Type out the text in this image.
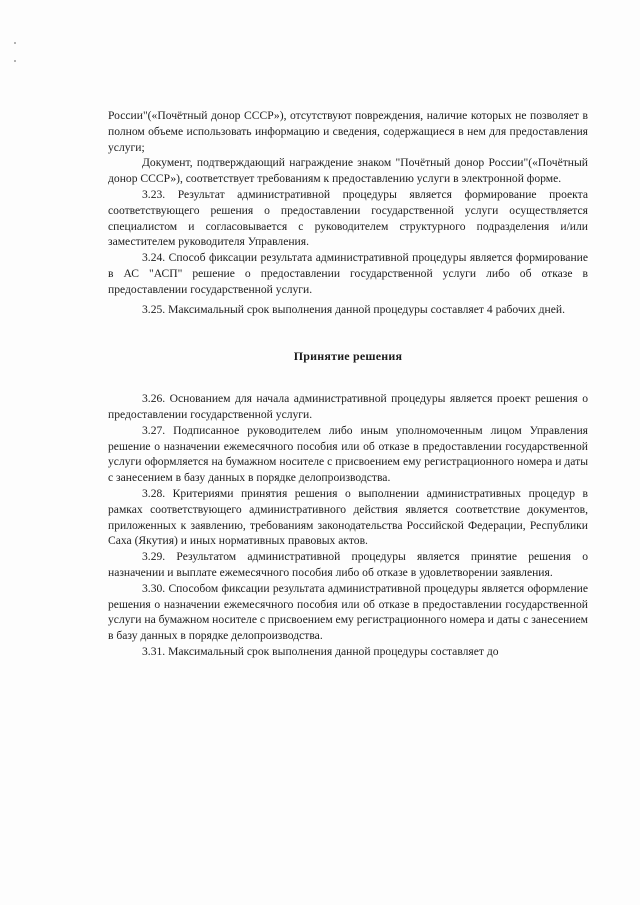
России"(«Почётный донор СССР»), отсутствуют повреждения, наличие которых не позволяет в полном объеме использовать информацию и сведения, содержащиеся в нем для предоставления услуги;

Документ, подтверждающий награждение знаком "Почётный донор России"(«Почётный донор СССР»), соответствует требованиям к предоставлению услуги в электронной форме.

3.23. Результат административной процедуры является формирование проекта соответствующего решения о предоставлении государственной услуги осуществляется специалистом и согласовывается с руководителем структурного подразделения и/или заместителем руководителя Управления.

3.24. Способ фиксации результата административной процедуры является формирование в АС "АСП" решение о предоставлении государственной услуги либо об отказе в предоставлении государственной услуги.

3.25. Максимальный срок выполнения данной процедуры составляет 4 рабочих дней.

Принятие решения

3.26. Основанием для начала административной процедуры является проект решения о предоставлении государственной услуги.

3.27. Подписанное руководителем либо иным уполномоченным лицом Управления решение о назначении ежемесячного пособия или об отказе в предоставлении государственной услуги оформляется на бумажном носителе с присвоением ему регистрационного номера и даты с занесением в базу данных в порядке делопроизводства.

3.28. Критериями принятия решения о выполнении административных процедур в рамках соответствующего административного действия является соответствие документов, приложенных к заявлению, требованиям законодательства Российской Федерации, Республики Саха (Якутия) и иных нормативных правовых актов.

3.29. Результатом административной процедуры является принятие решения о назначении и выплате ежемесячного пособия либо об отказе в удовлетворении заявления.

3.30. Способом фиксации результата административной процедуры является оформление решения о назначении ежемесячного пособия или об отказе в предоставлении государственной услуги на бумажном носителе с присвоением ему регистрационного номера и даты с занесением в базу данных в порядке делопроизводства.

3.31. Максимальный срок выполнения данной процедуры составляет до
